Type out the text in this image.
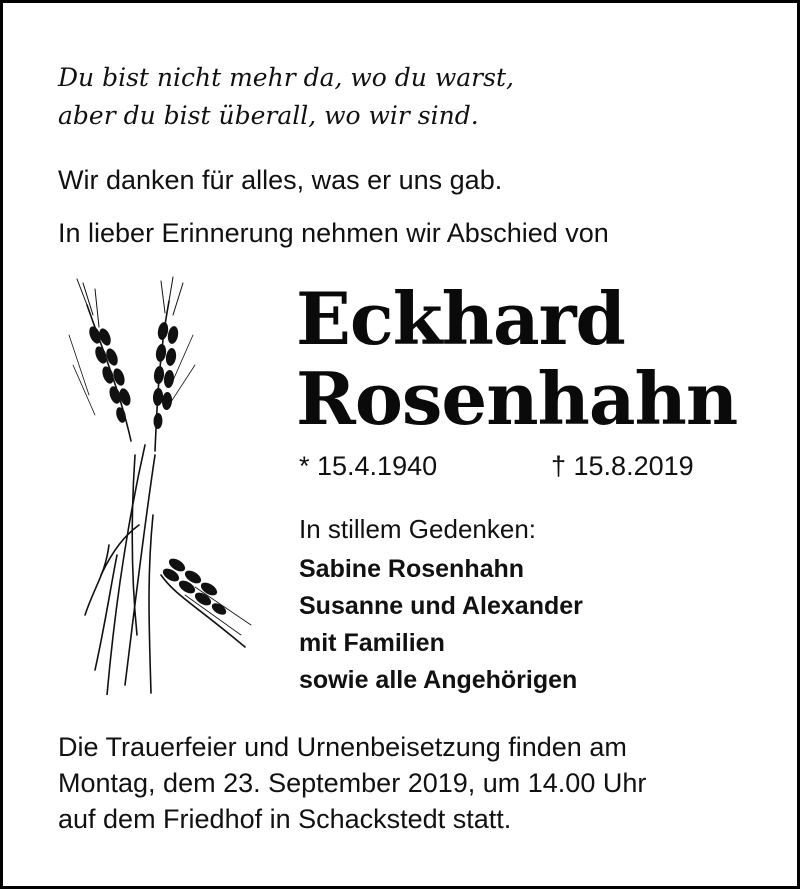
Du bist nicht mehr da, wo du warst,
aber du bist überall, wo wir sind.
Wir danken für alles, was er uns gab.
In lieber Erinnerung nehmen wir Abschied von
Eckhard
Rosenhahn
* 15.4.1940	† 15.8.2019
In stillem Gedenken:
Sabine Rosenhahn
Susanne und Alexander
mit Familien
sowie alle Angehörigen
Die Trauerfeier und Urnenbeisetzung finden am
Montag, dem 23. September 2019, um 14.00 Uhr
auf dem Friedhof in Schackstedt statt.
